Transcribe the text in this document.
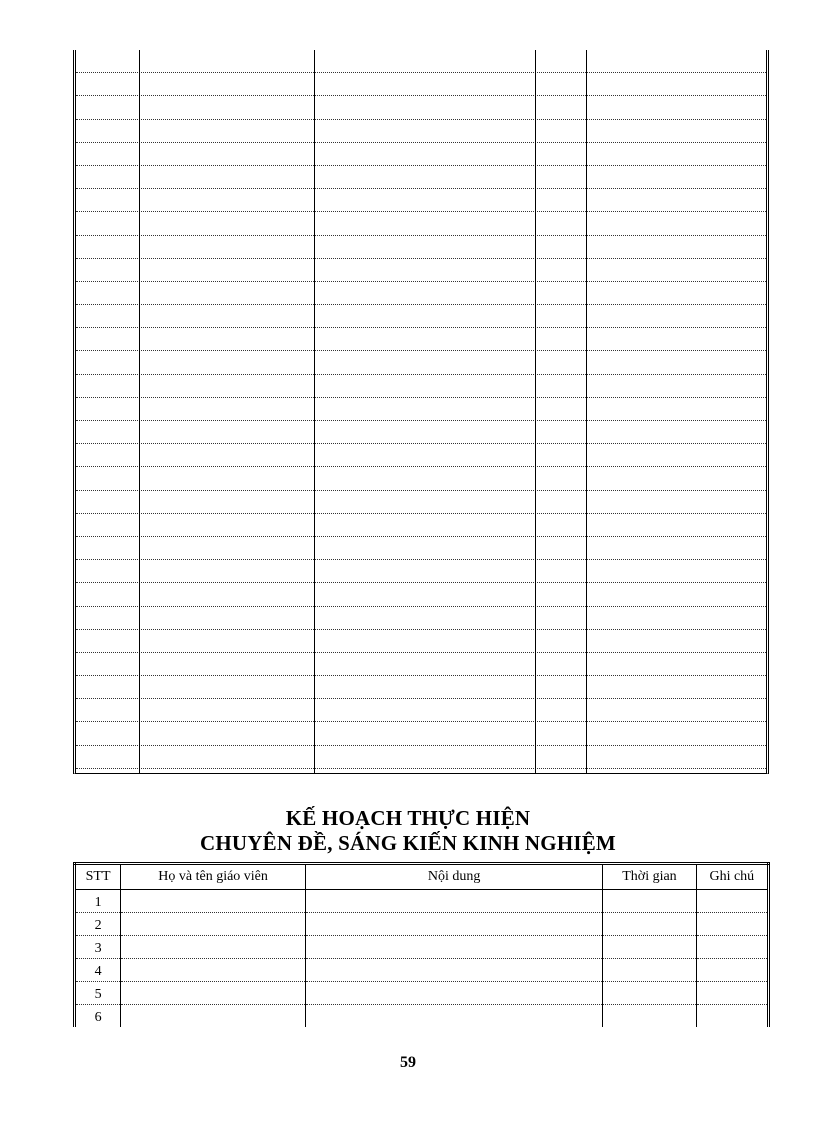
KẾ HOẠCH THỰC HIỆN
CHUYÊN ĐỀ, SÁNG KIẾN KINH NGHIỆM
STT	Họ và tên giáo viên	Nội dung	Thời gian	Ghi chú
1				
2				
3				
4				
5				
6				
59
